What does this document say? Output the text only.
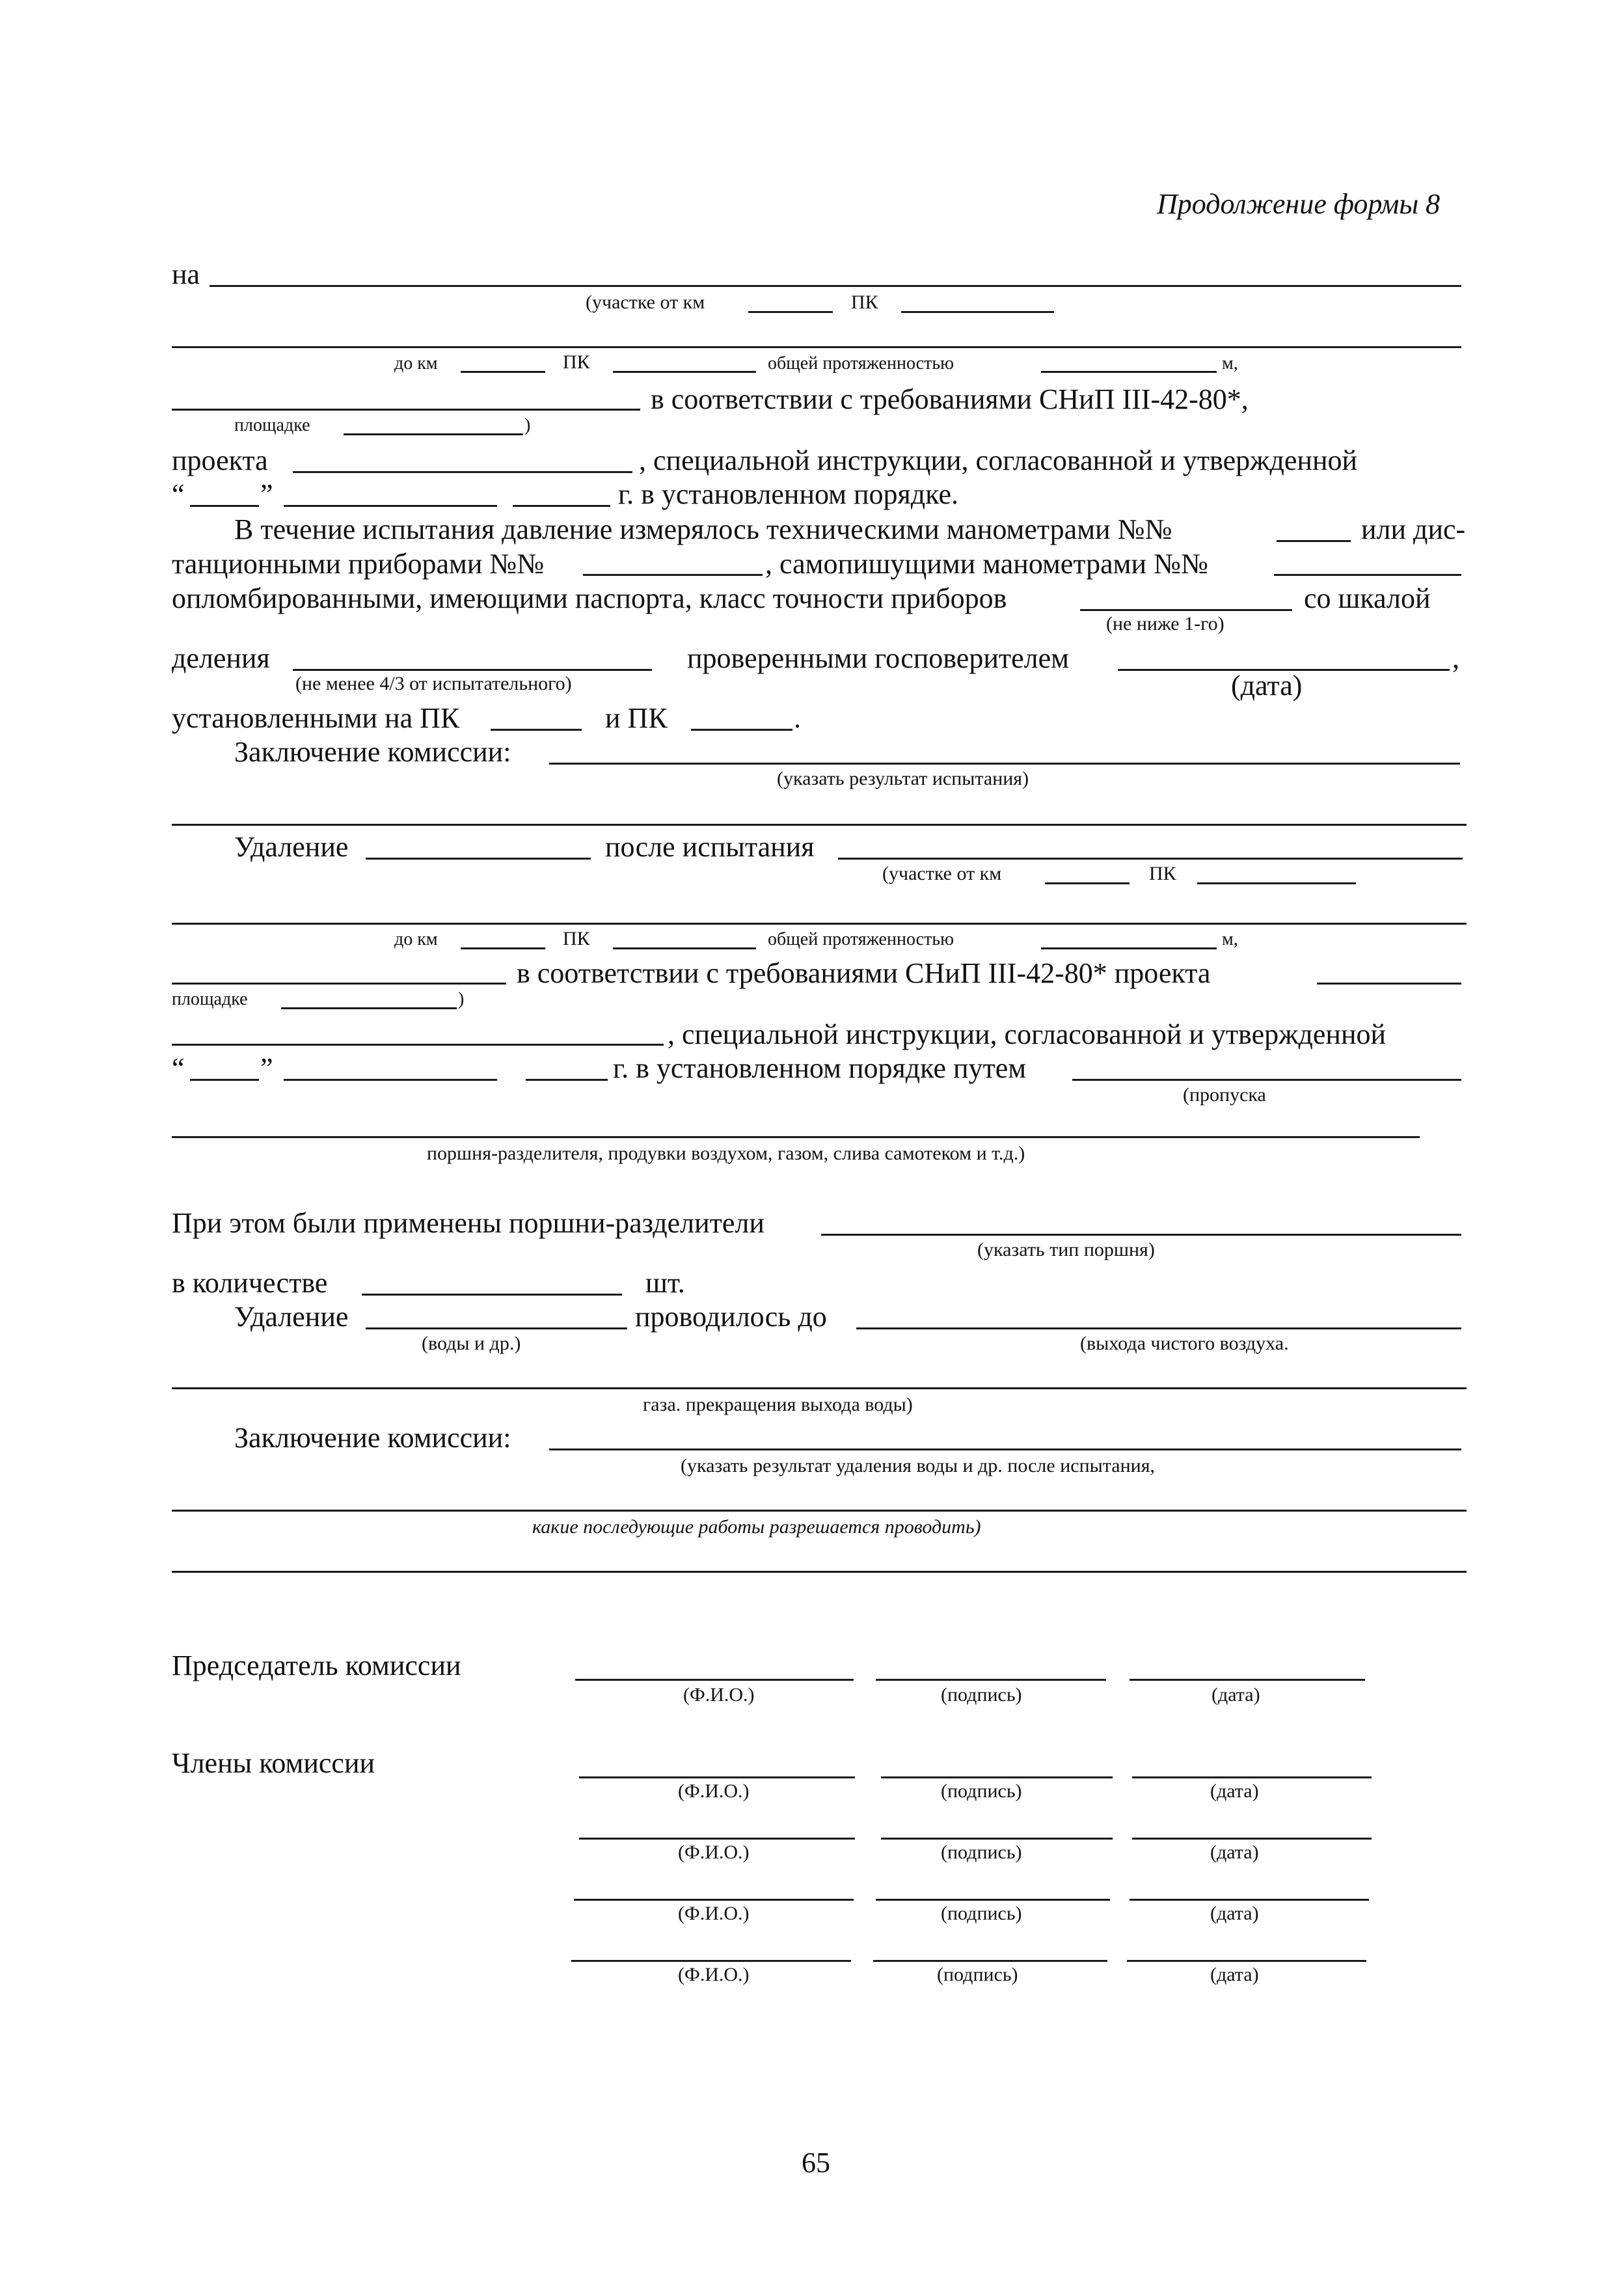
Продолжение формы 8
на
(участке от км	ПК
до км	ПК	общей протяженностью	м,
в соответствии с требованиями СНиП III-42-80*,
площадке	)
проекта	, специальной инструкции, согласованной и утвержденной
“	”	г. в установленном порядке.
В течение испытания давление измерялось техническими манометрами №№	или дис-
танционными приборами №№	, самопишущими манометрами №№
опломбированными, имеющими паспорта, класс точности приборов	со шкалой
(не ниже 1-го)
деления	проверенными госповерителем	,
(не менее 4/3 от испытательного)	(дата)
установленными на ПК	и ПК	.
Заключение комиссии:
(указать результат испытания)
Удаление	после испытания
(участке от км	ПК
до км	ПК	общей протяженностью	м,
в соответствии с требованиями СНиП III-42-80* проекта
площадке	)
, специальной инструкции, согласованной и утвержденной
“	”	г. в установленном порядке путем
(пропуска
поршня-разделителя, продувки воздухом, газом, слива самотеком и т.д.)
При этом были применены поршни-разделители
(указать тип поршня)
в количестве	шт.
Удаление	проводилось до
(воды и др.)	(выхода чистого воздуха.
газа. прекращения выхода воды)
Заключение комиссии:
(указать результат удаления воды и др. после испытания,
какие последующие работы разрешается проводить)
Председатель комиссии
(Ф.И.О.)	(подпись)	(дата)
Члены комиссии
(Ф.И.О.)	(подпись)	(дата)
(Ф.И.О.)	(подпись)	(дата)
(Ф.И.О.)	(подпись)	(дата)
(Ф.И.О.)	(подпись)	(дата)
65
